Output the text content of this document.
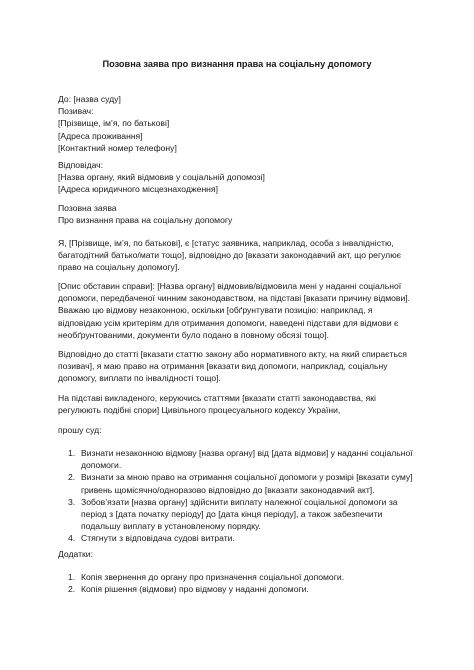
Позовна заява про визнання права на соціальну допомогу
До: [назва суду]
Позивач:
[Прізвище, ім’я, по батькові]
[Адреса проживання]
[Контактний номер телефону]
Відповідач:
[Назва органу, який відмовив у соціальній допомозі]
[Адреса юридичного місцезнаходження]
Позовна заява
Про визнання права на соціальну допомогу
Я, [Прізвище, ім’я, по батькові], є [статус заявника, наприклад, особа з інвалідністю, багатодітний батько/мати тощо], відповідно до [вказати законодавчий акт, що регулює право на соціальну допомогу].
[Опис обставин справи]: [Назва органу] відмовив/відмовила мені у наданні соціальної допомоги, передбаченої чинним законодавством, на підставі [вказати причину відмови]. Вважаю цю відмову незаконною, оскільки [обґрунтувати позицію: наприклад, я відповідаю усім критеріям для отримання допомоги, наведені підстави для відмови є необґрунтованими, документи було подано в повному обсязі тощо].
Відповідно до статті [вказати статтю закону або нормативного акту, на який спирається позивач], я маю право на отримання [вказати вид допомоги, наприклад, соціальну допомогу, виплати по інвалідності тощо].
На підставі викладеного, керуючись статтями [вказати статті законодавства, які регулюють подібні спори] Цивільного процесуального кодексу України,
прошу суд:
1. Визнати незаконною відмову [назва органу] від [дата відмови] у наданні соціальної допомоги.
2. Визнати за мною право на отримання соціальної допомоги у розмірі [вказати суму] гривень щомісячно/одноразово відповідно до [вказати законодавчий акт].
3. Зобов’язати [назва органу] здійснити виплату належної соціальної допомоги за період з [дата початку періоду] до [дата кінця періоду], а також забезпечити подальшу виплату в установленому порядку.
4. Стягнути з відповідача судові витрати.
Додатки:
1. Копія звернення до органу про призначення соціальної допомоги.
2. Копія рішення (відмови) про відмову у наданні допомоги.
